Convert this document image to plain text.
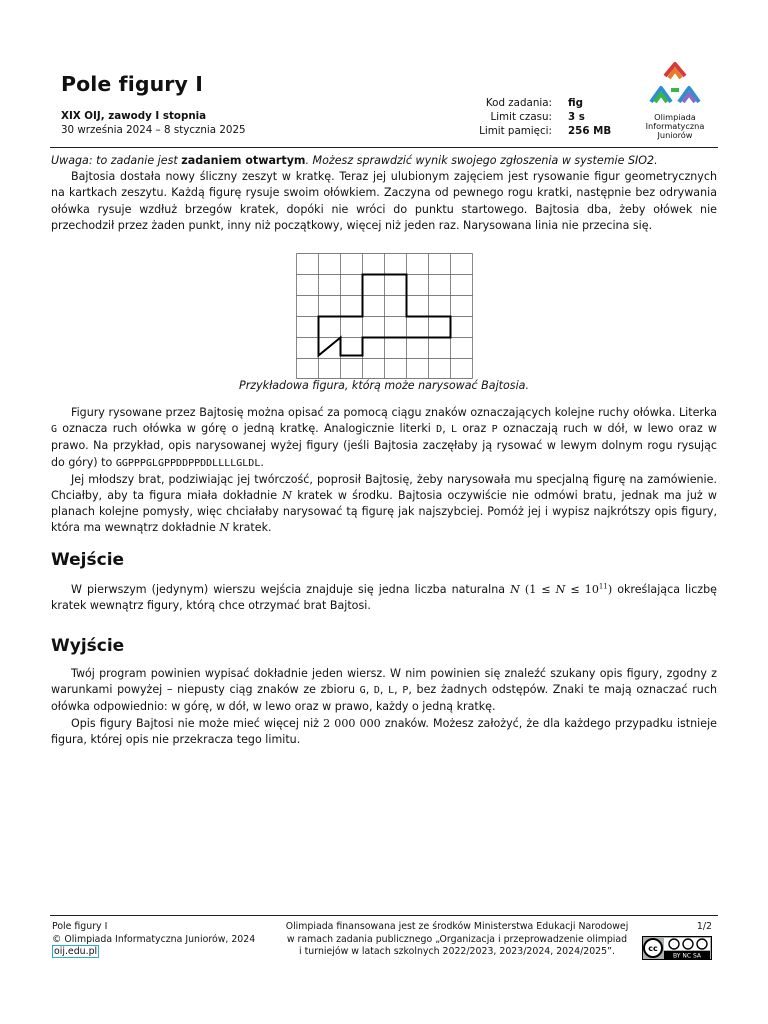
Pole figury I
XIX OIJ, zawody I stopnia
30 września 2024 – 8 stycznia 2025
Kod zadania:	fig
Limit czasu:	3 s
Limit pamięci:	256 MB
Olimpiada
Informatyczna
Juniorów

Uwaga: to zadanie jest zadaniem otwartym. Możesz sprawdzić wynik swojego zgłoszenia w systemie SIO2.

Bajtosia dostała nowy śliczny zeszyt w kratkę. Teraz jej ulubionym zajęciem jest rysowanie figur geometrycznych na kartkach zeszytu. Każdą figurę rysuje swoim ołówkiem. Zaczyna od pewnego rogu kratki, następnie bez odrywania ołówka rysuje wzdłuż brzegów kratek, dopóki nie wróci do punktu startowego. Bajtosia dba, żeby ołówek nie przechodził przez żaden punkt, inny niż początkowy, więcej niż jeden raz. Narysowana linia nie przecina się.

Przykładowa figura, którą może narysować Bajtosia.

Figury rysowane przez Bajtosię można opisać za pomocą ciągu znaków oznaczających kolejne ruchy ołówka. Literka G oznacza ruch ołówka w górę o jedną kratkę. Analogicznie literki D, L oraz P oznaczają ruch w dół, w lewo oraz w prawo. Na przykład, opis narysowanej wyżej figury (jeśli Bajtosia zaczęłaby ją rysować w lewym dolnym rogu rysując do góry) to GGPPPGLGPPDDPPDDLLLLGLDL.

Jej młodszy brat, podziwiając jej twórczość, poprosił Bajtosię, żeby narysowała mu specjalną figurę na zamówienie. Chciałby, aby ta figura miała dokładnie N kratek w środku. Bajtosia oczywiście nie odmówi bratu, jednak ma już w planach kolejne pomysły, więc chciałaby narysować tą figurę jak najszybciej. Pomóż jej i wypisz najkrótszy opis figury, która ma wewnątrz dokładnie N kratek.

Wejście

W pierwszym (jedynym) wierszu wejścia znajduje się jedna liczba naturalna N $(1 \le N \le 10^{11})$ określająca liczbę kratek wewnątrz figury, którą chce otrzymać brat Bajtosi.

Wyjście

Twój program powinien wypisać dokładnie jeden wiersz. W nim powinien się znaleźć szukany opis figury, zgodny z warunkami powyżej – niepusty ciąg znaków ze zbioru G, D, L, P, bez żadnych odstępów. Znaki te mają oznaczać ruch ołówka odpowiednio: w górę, w dół, w lewo oraz w prawo, każdy o jedną kratkę.

Opis figury Bajtosi nie może mieć więcej niż 2 000 000 znaków. Możesz założyć, że dla każdego przypadku istnieje figura, której opis nie przekracza tego limitu.

Pole figury I
© Olimpiada Informatyczna Juniorów, 2024
oij.edu.pl
Olimpiada finansowana jest ze środków Ministerstwa Edukacji Narodowej
w ramach zadania publicznego „Organizacja i przeprowadzenie olimpiad
i turniejów w latach szkolnych 2022/2023, 2023/2024, 2024/2025”.
1/2
cc
BY NC SA
